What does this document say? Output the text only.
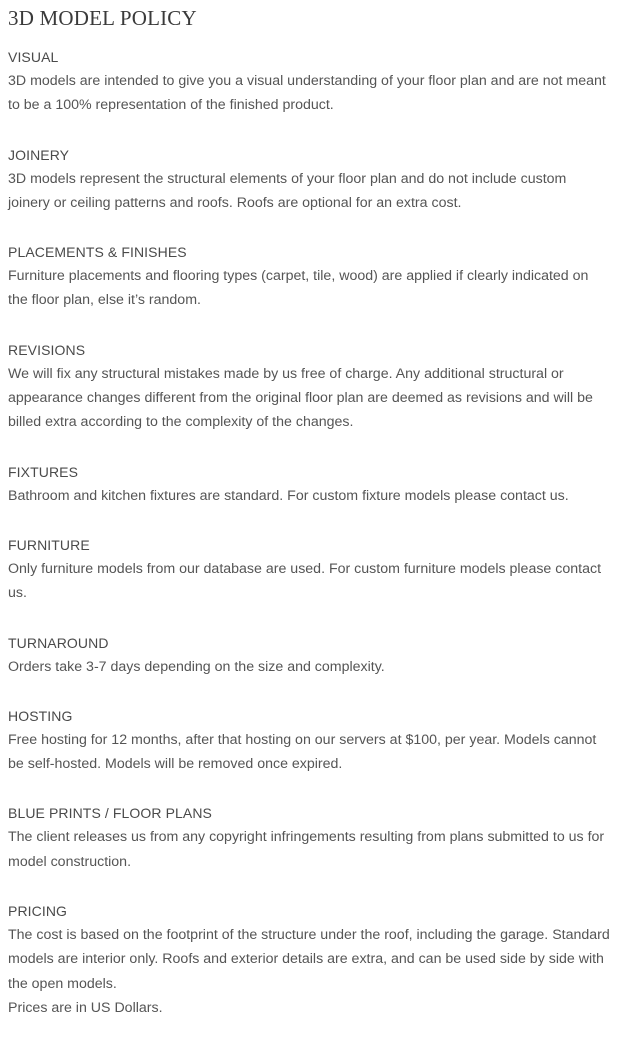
3D MODEL POLICY
VISUAL

3D models are intended to give you a visual understanding of your floor plan and are not meant to be a 100% representation of the finished product.

JOINERY

3D models represent the structural elements of your floor plan and do not include custom joinery or ceiling patterns and roofs. Roofs are optional for an extra cost.

PLACEMENTS & FINISHES

Furniture placements and flooring types (carpet, tile, wood) are applied if clearly indicated on the floor plan, else it’s random.

REVISIONS

We will fix any structural mistakes made by us free of charge. Any additional structural or appearance changes different from the original floor plan are deemed as revisions and will be billed extra according to the complexity of the changes.

FIXTURES

Bathroom and kitchen fixtures are standard. For custom fixture models please contact us.

FURNITURE

Only furniture models from our database are used. For custom furniture models please contact us.

TURNAROUND

Orders take 3-7 days depending on the size and complexity.

HOSTING

Free hosting for 12 months, after that hosting on our servers at $100, per year. Models cannot be self-hosted. Models will be removed once expired.

BLUE PRINTS / FLOOR PLANS

The client releases us from any copyright infringements resulting from plans submitted to us for model construction.

PRICING

The cost is based on the footprint of the structure under the roof, including the garage. Standard models are interior only. Roofs and exterior details are extra, and can be used side by side with the open models.

Prices are in US Dollars.
